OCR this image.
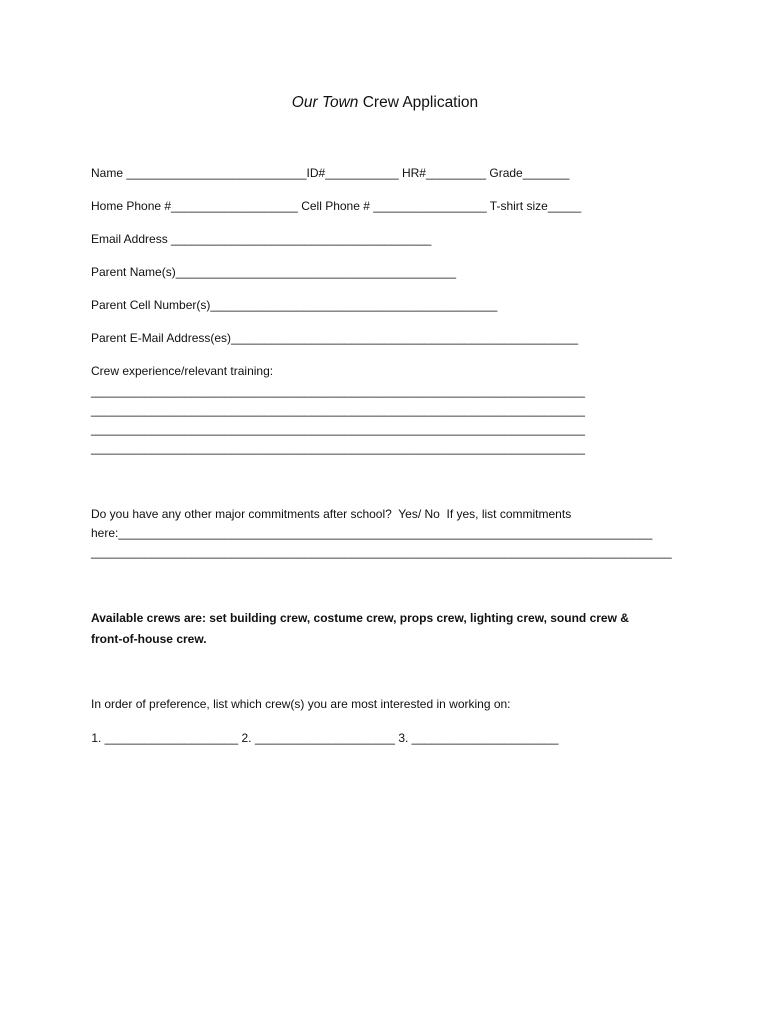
Our Town Crew Application
Name ___________________________ID#___________ HR#_________ Grade_______
Home Phone #___________________ Cell Phone # _________________ T-shirt size_____
Email Address _______________________________________
Parent Name(s)__________________________________________
Parent Cell Number(s)___________________________________________
Parent E-Mail Address(es)____________________________________________________
Crew experience/relevant training:
__________________________________________________________________________
__________________________________________________________________________
__________________________________________________________________________
__________________________________________________________________________
Do you have any other major commitments after school?  Yes/ No  If yes, list commitments
here:________________________________________________________________________________
_______________________________________________________________________________________
Available crews are: set building crew, costume crew, props crew, lighting crew, sound crew &
front-of-house crew.
In order of preference, list which crew(s) you are most interested in working on:
1. ____________________ 2. _____________________ 3. ______________________
